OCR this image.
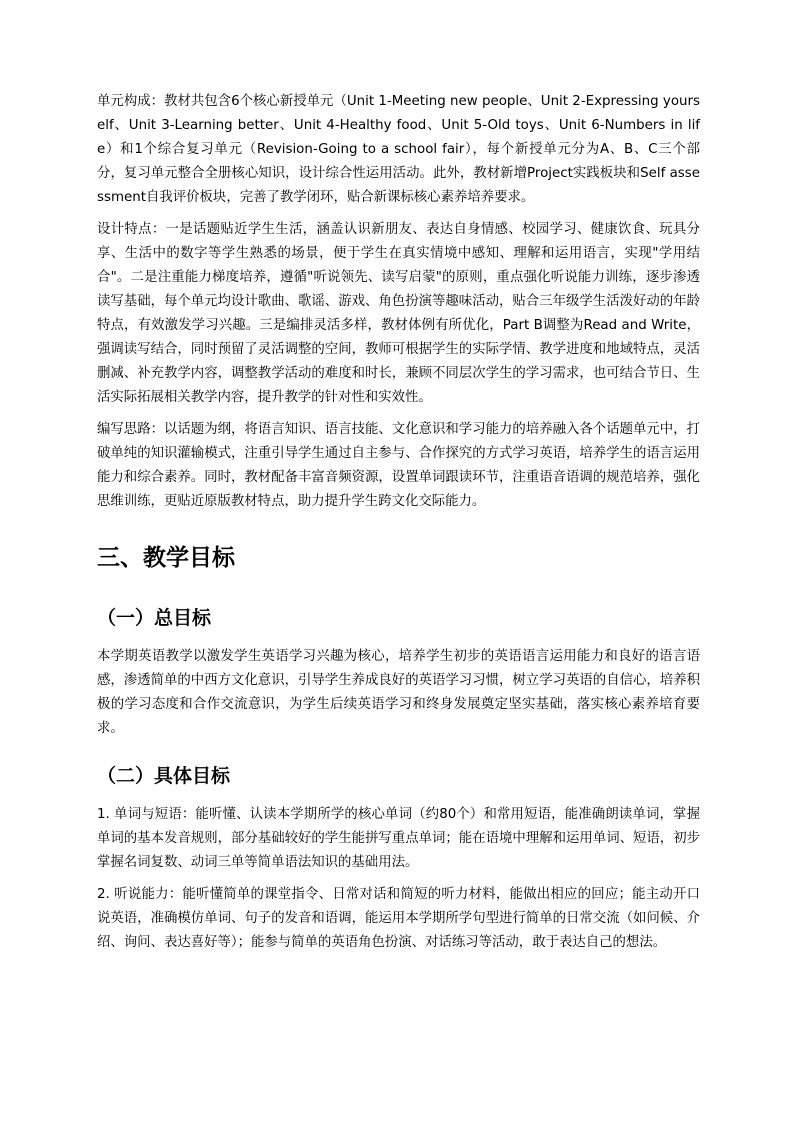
单元构成：教材共包含6个核心新授单元（Unit 1-Meeting new people、Unit 2-Expressing yourself、Unit 3-Learning better、Unit 4-Healthy food、Unit 5-Old toys、Unit 6-Numbers in life）和1个综合复习单元（Revision-Going to a school fair），每个新授单元分为A、B、C三个部分，复习单元整合全册核心知识，设计综合性运用活动。此外，教材新增Project实践板块和Self assessment自我评价板块，完善了教学闭环，贴合新课标核心素养培养要求。

设计特点：一是话题贴近学生生活，涵盖认识新朋友、表达自身情感、校园学习、健康饮食、玩具分享、生活中的数字等学生熟悉的场景，便于学生在真实情境中感知、理解和运用语言，实现"学用结合"。二是注重能力梯度培养，遵循"听说领先、读写启蒙"的原则，重点强化听说能力训练，逐步渗透读写基础，每个单元均设计歌曲、歌谣、游戏、角色扮演等趣味活动，贴合三年级学生活泼好动的年龄特点，有效激发学习兴趣。三是编排灵活多样，教材体例有所优化，Part B调整为Read and Write，强调读写结合，同时预留了灵活调整的空间，教师可根据学生的实际学情、教学进度和地域特点，灵活删减、补充教学内容，调整教学活动的难度和时长，兼顾不同层次学生的学习需求，也可结合节日、生活实际拓展相关教学内容，提升教学的针对性和实效性。

编写思路：以话题为纲，将语言知识、语言技能、文化意识和学习能力的培养融入各个话题单元中，打破单纯的知识灌输模式，注重引导学生通过自主参与、合作探究的方式学习英语，培养学生的语言运用能力和综合素养。同时，教材配备丰富音频资源，设置单词跟读环节，注重语音语调的规范培养，强化思维训练，更贴近原版教材特点，助力提升学生跨文化交际能力。

三、教学目标
（一）总目标

本学期英语教学以激发学生英语学习兴趣为核心，培养学生初步的英语语言运用能力和良好的语言语感，渗透简单的中西方文化意识，引导学生养成良好的英语学习习惯，树立学习英语的自信心，培养积极的学习态度和合作交流意识，为学生后续英语学习和终身发展奠定坚实基础，落实核心素养培育要求。

（二）具体目标

1. 单词与短语：能听懂、认读本学期所学的核心单词（约80个）和常用短语，能准确朗读单词，掌握单词的基本发音规则，部分基础较好的学生能拼写重点单词；能在语境中理解和运用单词、短语，初步掌握名词复数、动词三单等简单语法知识的基础用法。

2. 听说能力：能听懂简单的课堂指令、日常对话和简短的听力材料，能做出相应的回应；能主动开口说英语，准确模仿单词、句子的发音和语调，能运用本学期所学句型进行简单的日常交流（如问候、介绍、询问、表达喜好等）；能参与简单的英语角色扮演、对话练习等活动，敢于表达自己的想法。
